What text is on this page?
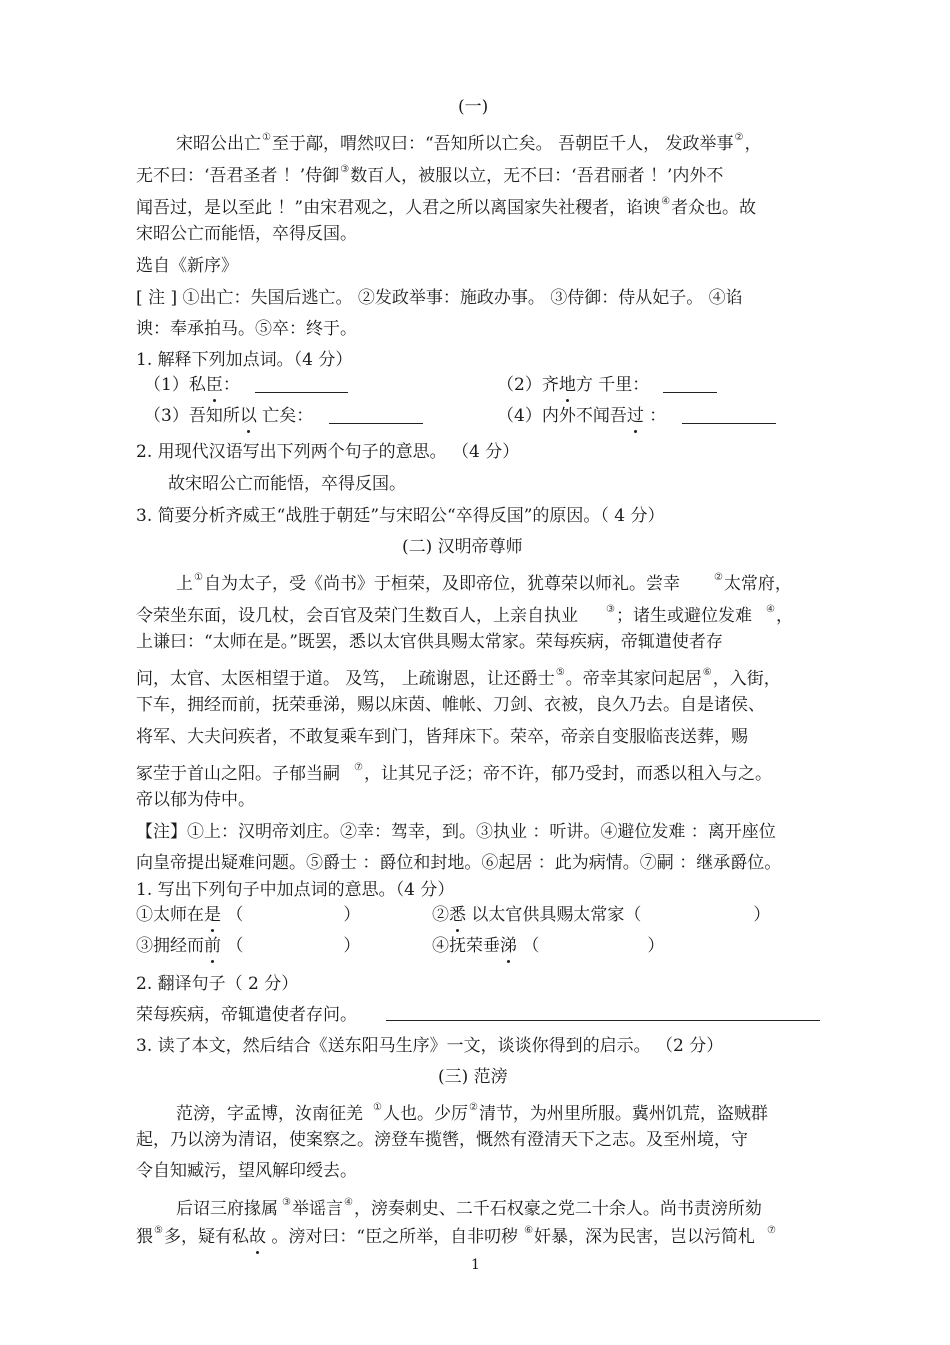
(一)
宋昭公出亡①至于鄗，喟然叹曰：“吾知所以亡矣。 吾朝臣千人， 发政举事②，
无不曰：‘吾君圣者 ！’侍御③数百人，被服以立，无不曰：‘吾君丽者 ！’内外不
闻吾过，是以至此 ！”由宋君观之，人君之所以离国家失社稷者，谄谀④者众也。故
宋昭公亡而能悟，卒得反国。
选自《新序》
[ 注 ] ①出亡：失国后逃亡。 ②发政举事：施政办事。 ③侍御：侍从妃子。 ④谄
谀：奉承拍马。⑤卒：终于。
1. 解释下列加点词。（4 分）
（1）私臣：	（2）齐地方 千里：
（3）吾知所以 亡矣：	（4）内外不闻吾过 ：
2. 用现代汉语写出下列两个句子的意思。 （4 分）
故宋昭公亡而能悟，卒得反国。
3. 简要分析齐威王“战胜于朝廷”与宋昭公“卒得反国”的原因。（ 4 分）
(二) 汉明帝尊师
上①自为太子，受《尚书》于桓荣，及即帝位，犹尊荣以师礼。尝幸	②太常府，
令荣坐东面，设几杖，会百官及荣门生数百人，上亲自执业	③；诸生或避位发难 ④，
上谦曰：“太师在是。”既罢，悉以太官供具赐太常家。荣每疾病，帝辄遣使者存
问，太官、太医相望于道。 及笃， 上疏谢恩，让还爵士⑤。帝幸其家问起居⑥，入街，
下车，拥经而前，抚荣垂涕，赐以床茵、帷帐、刀剑、衣被，良久乃去。自是诸侯、
将军、大夫问疾者，不敢复乘车到门，皆拜床下。荣卒，帝亲自变服临丧送葬，赐
冢茔于首山之阳。子郁当嗣 ⑦，让其兄子泛；帝不许，郁乃受封，而悉以租入与之。
帝以郁为侍中。
【注】①上：汉明帝刘庄。②幸：驾幸，到。③执业 ：听讲。④避位发难 ：离开座位
向皇帝提出疑难问题。⑤爵士 ：爵位和封地。⑥起居 ：此为病情。⑦嗣 ：继承爵位。
1. 写出下列句子中加点词的意思。（4 分）
①太师在是 （	）	②悉 以太官供具赐太常家（	）
③拥经而前 （	）	④抚荣垂涕 （	）
2. 翻译句子（ 2 分）
荣每疾病，帝辄遣使者存问。
3. 读了本文，然后结合《送东阳马生序》一文，谈谈你得到的启示。 （2 分）
(三) 范滂
范滂，字孟博，汝南征羌 ①人也。少厉②清节，为州里所服。冀州饥荒，盗贼群
起，乃以滂为清诏，使案察之。滂登车揽辔，慨然有澄清天下之志。及至州境，守
令自知臧污，望风解印绶去。
后诏三府掾属 ③举谣言④，滂奏刺史、二千石权豪之党二十余人。尚书责滂所劾
猥⑤多，疑有私故 。滂对曰：“臣之所举，自非叨秽 ⑥奸暴，深为民害，岂以污简札 ⑦
1
